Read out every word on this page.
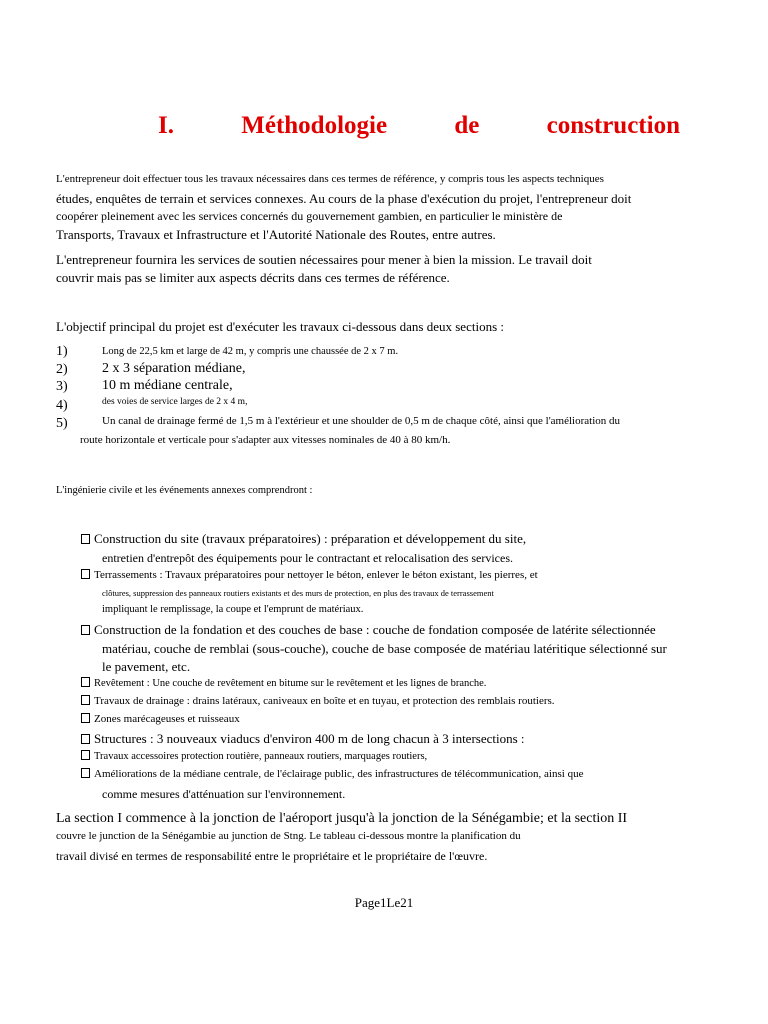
I.	Méthodologie	de	construction
L'entrepreneur doit effectuer tous les travaux nécessaires dans ces termes de référence, y compris tous les aspects techniques
études, enquêtes de terrain et services connexes. Au cours de la phase d'exécution du projet, l'entrepreneur doit
coopérer pleinement avec les services concernés du gouvernement gambien, en particulier le ministère de
Transports, Travaux et Infrastructure et l'Autorité Nationale des Routes, entre autres.
L'entrepreneur fournira les services de soutien nécessaires pour mener à bien la mission. Le travail doit
couvrir mais pas se limiter aux aspects décrits dans ces termes de référence.
L'objectif principal du projet est d'exécuter les travaux ci-dessous dans deux sections :
1)	Long de 22,5 km et large de 42 m, y compris une chaussée de 2 x 7 m.
2) 2 x 3 séparation médiane,
3) 10 m médiane centrale,
4)	des voies de service larges de 2 x 4 m,
5)	Un canal de drainage fermé de 1,5 m à l'extérieur et une shoulder de 0,5 m de chaque côté, ainsi que l'amélioration du
route horizontale et verticale pour s'adapter aux vitesses nominales de 40 à 80 km/h.
L'ingénierie civile et les événements annexes comprendront :
Construction du site (travaux préparatoires) : préparation et développement du site,
entretien d'entrepôt des équipements pour le contractant et relocalisation des services.
Terrassements : Travaux préparatoires pour nettoyer le béton, enlever le béton existant, les pierres, et
clôtures, suppression des panneaux routiers existants et des murs de protection, en plus des travaux de terrassement
impliquant le remplissage, la coupe et l'emprunt de matériaux.
Construction de la fondation et des couches de base : couche de fondation composée de latérite sélectionnée
matériau, couche de remblai (sous-couche), couche de base composée de matériau latéritique sélectionné sur
le pavement, etc.
Revêtement : Une couche de revêtement en bitume sur le revêtement et les lignes de branche.
Travaux de drainage : drains latéraux, caniveaux en boîte et en tuyau, et protection des remblais routiers.
Zones marécageuses et ruisseaux
Structures : 3 nouveaux viaducs d'environ 400 m de long chacun à 3 intersections :
Travaux accessoires protection routière, panneaux routiers, marquages routiers,
Améliorations de la médiane centrale, de l'éclairage public, des infrastructures de télécommunication, ainsi que
comme mesures d'atténuation sur l'environnement.
La section I commence à la jonction de l'aéroport jusqu'à la jonction de la Sénégambie; et la section II
couvre le junction de la Sénégambie au junction de Stng. Le tableau ci-dessous montre la planification du
travail divisé en termes de responsabilité entre le propriétaire et le propriétaire de l'œuvre.
Page1Le21
